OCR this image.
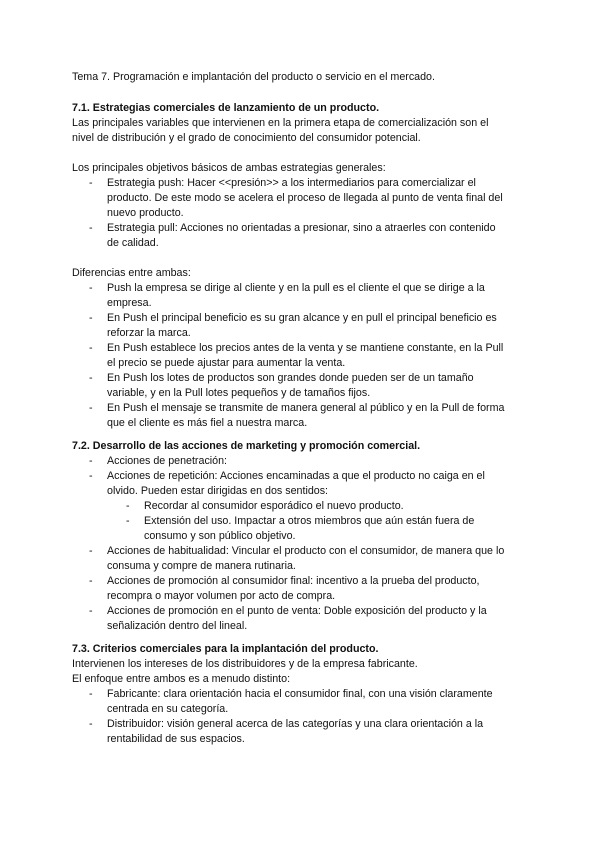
Tema 7. Programación e implantación del producto o servicio en el mercado.
7.1. Estrategias comerciales de lanzamiento de un producto.
Las principales variables que intervienen en la primera etapa de comercialización son el
nivel de distribución y el grado de conocimiento del consumidor potencial.
Los principales objetivos básicos de ambas estrategias generales:
- Estrategia push: Hacer <<presión>> a los intermediarios para comercializar el
producto. De este modo se acelera el proceso de llegada al punto de venta final del
nuevo producto.
- Estrategia pull: Acciones no orientadas a presionar, sino a atraerles con contenido
de calidad.
Diferencias entre ambas:
- Push la empresa se dirige al cliente y en la pull es el cliente el que se dirige a la
empresa.
- En Push el principal beneficio es su gran alcance y en pull el principal beneficio es
reforzar la marca.
- En Push establece los precios antes de la venta y se mantiene constante, en la Pull
el precio se puede ajustar para aumentar la venta.
- En Push los lotes de productos son grandes donde pueden ser de un tamaño
variable, y en la Pull lotes pequeños y de tamaños fijos.
- En Push el mensaje se transmite de manera general al público y en la Pull de forma
que el cliente es más fiel a nuestra marca.
7.2. Desarrollo de las acciones de marketing y promoción comercial.
- Acciones de penetración:
- Acciones de repetición: Acciones encaminadas a que el producto no caiga en el
olvido. Pueden estar dirigidas en dos sentidos:
- Recordar al consumidor esporádico el nuevo producto.
- Extensión del uso. Impactar a otros miembros que aún están fuera de
consumo y son público objetivo.
- Acciones de habitualidad: Vincular el producto con el consumidor, de manera que lo
consuma y compre de manera rutinaria.
- Acciones de promoción al consumidor final: incentivo a la prueba del producto,
recompra o mayor volumen por acto de compra.
- Acciones de promoción en el punto de venta: Doble exposición del producto y la
señalización dentro del lineal.
7.3. Criterios comerciales para la implantación del producto.
Intervienen los intereses de los distribuidores y de la empresa fabricante.
El enfoque entre ambos es a menudo distinto:
- Fabricante: clara orientación hacia el consumidor final, con una visión claramente
centrada en su categoría.
- Distribuidor: visión general acerca de las categorías y una clara orientación a la
rentabilidad de sus espacios.
